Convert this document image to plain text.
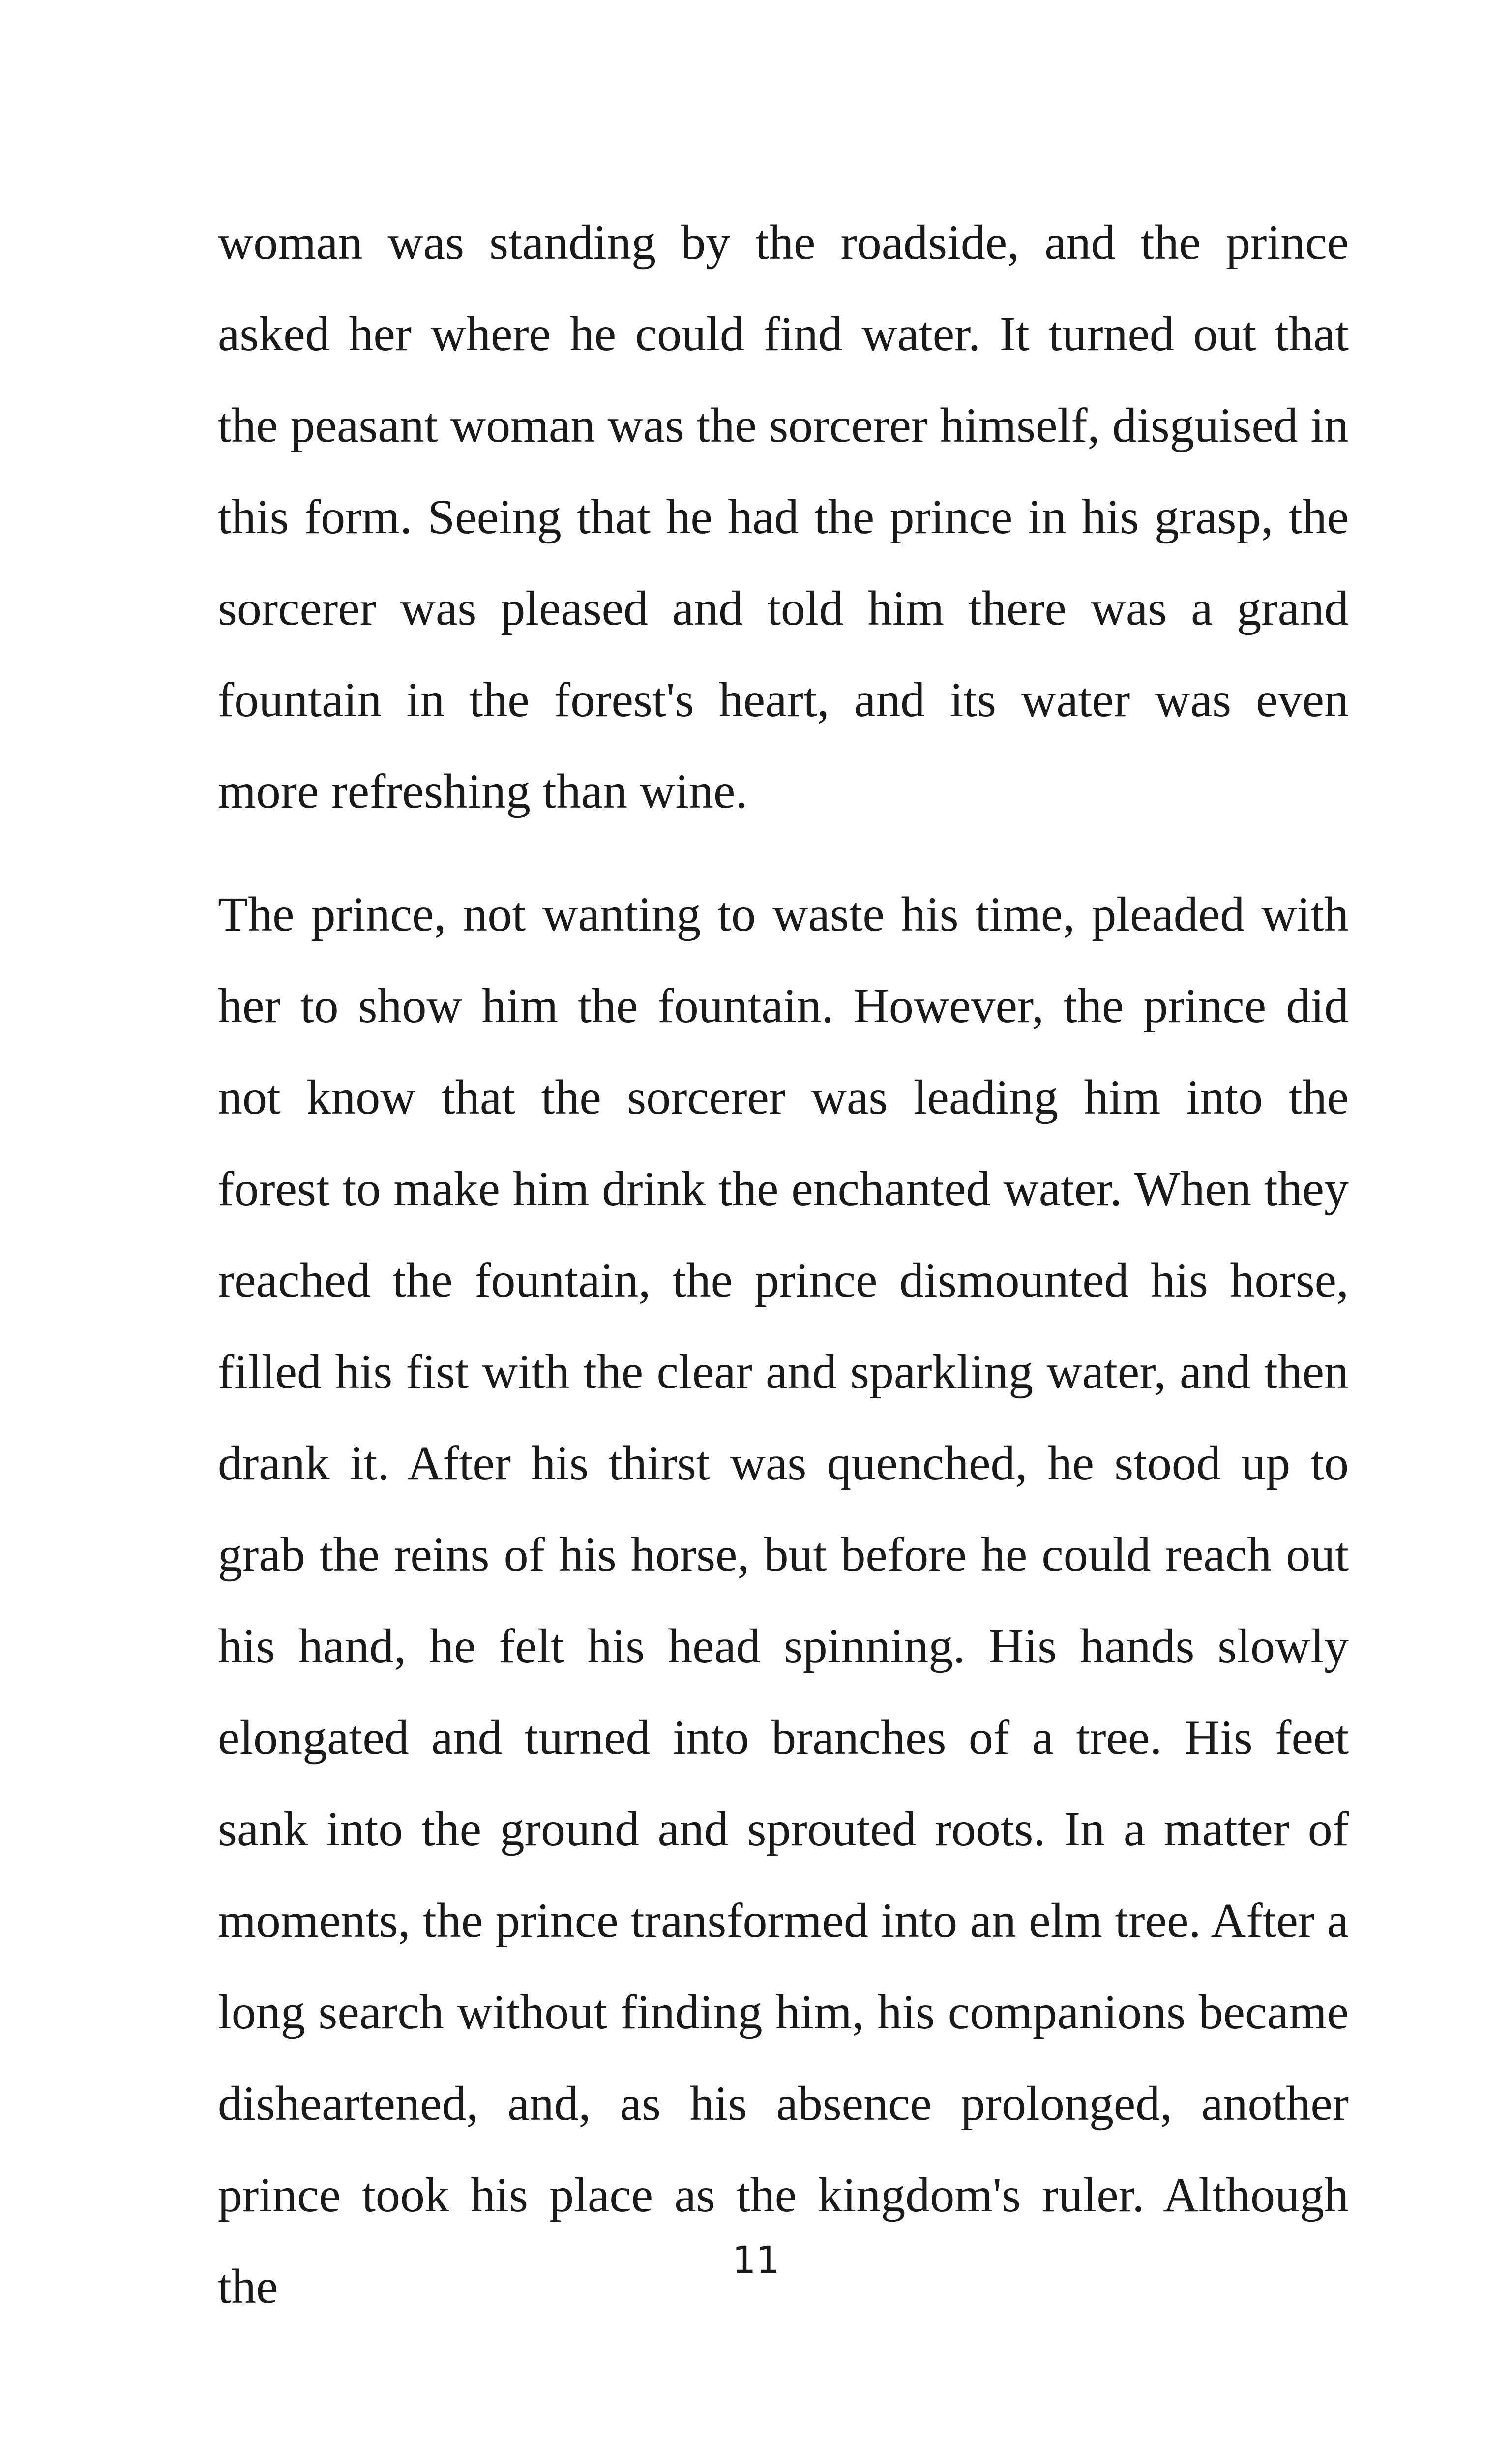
woman was standing by the roadside, and the prince asked her where he could find water. It turned out that the peasant woman was the sorcerer himself, disguised in this form. Seeing that he had the prince in his grasp, the sorcerer was pleased and told him there was a grand fountain in the forest's heart, and its water was even more refreshing than wine.

The prince, not wanting to waste his time, pleaded with her to show him the fountain. However, the prince did not know that the sorcerer was leading him into the forest to make him drink the enchanted water. When they reached the fountain, the prince dismounted his horse, filled his fist with the clear and sparkling water, and then drank it. After his thirst was quenched, he stood up to grab the reins of his horse, but before he could reach out his hand, he felt his head spinning. His hands slowly elongated and turned into branches of a tree. His feet sank into the ground and sprouted roots. In a matter of moments, the prince transformed into an elm tree. After a long search without finding him, his companions became disheartened, and, as his absence prolonged, another prince took his place as the kingdom's ruler. Although the	11
